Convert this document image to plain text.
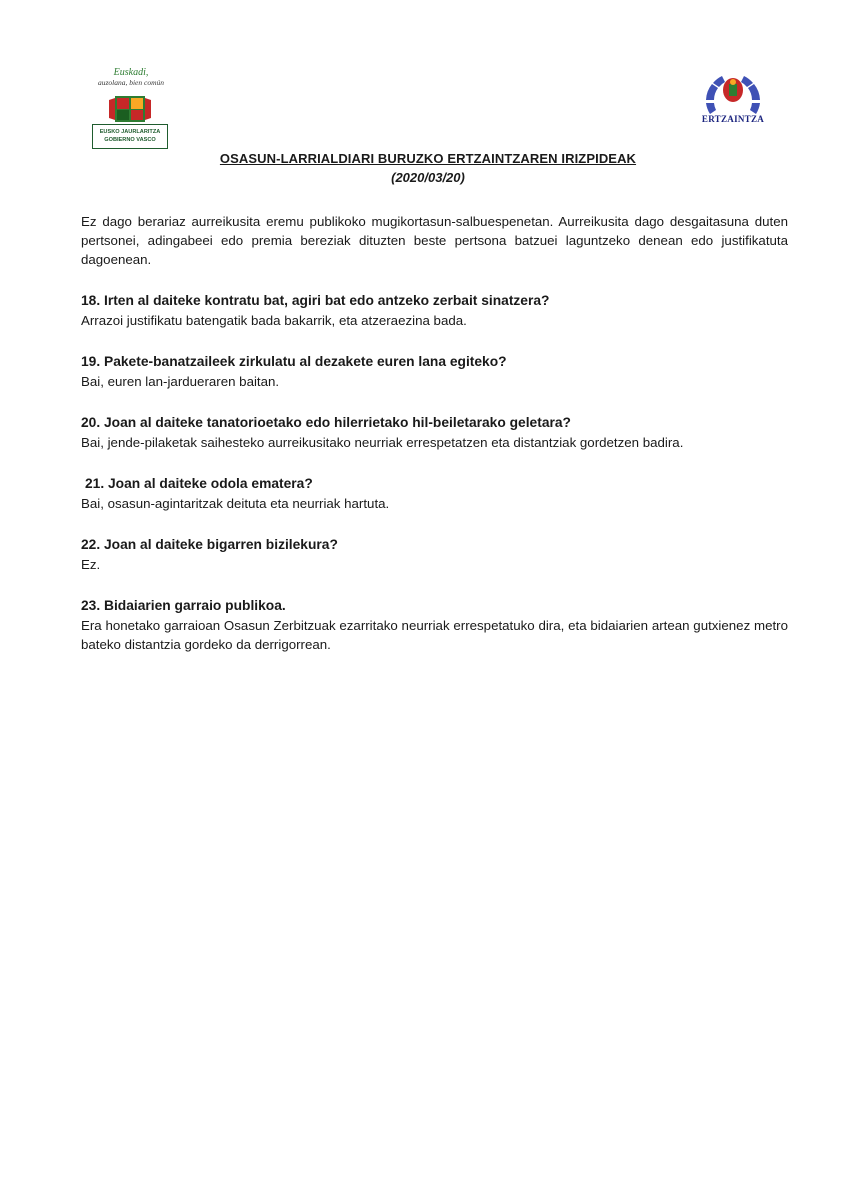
Euskadi,
auzolana, bien común
EUSKO JAURLARITZA
GOBIERNO VASCO
ERTZAINTZA
OSASUN-LARRIALDIARI BURUZKO ERTZAINTZAREN IRIZPIDEAK
(2020/03/20)

Ez dago berariaz aurreikusita eremu publikoko mugikortasun-salbuespenetan. Aurreikusita dago desgaitasuna duten pertsonei, adingabeei edo premia bereziak dituzten beste pertsona batzuei laguntzeko denean edo justifikatuta dagoenean.

18. Irten al daiteke kontratu bat, agiri bat edo antzeko zerbait sinatzera?

Arrazoi justifikatu batengatik bada bakarrik, eta atzeraezina bada.

19. Pakete-banatzaileek zirkulatu al dezakete euren lana egiteko?

Bai, euren lan-jardueraren baitan.

20. Joan al daiteke tanatorioetako edo hilerrietako hil-beiletarako geletara?

Bai, jende-pilaketak saihesteko aurreikusitako neurriak errespetatzen eta distantziak gordetzen badira.

21. Joan al daiteke odola ematera?

Bai, osasun-agintaritzak deituta eta neurriak hartuta.

22. Joan al daiteke bigarren bizilekura?

Ez.

23. Bidaiarien garraio publikoa.

Era honetako garraioan Osasun Zerbitzuak ezarritako neurriak errespetatuko dira, eta bidaiarien artean gutxienez metro bateko distantzia gordeko da derrigorrean.
